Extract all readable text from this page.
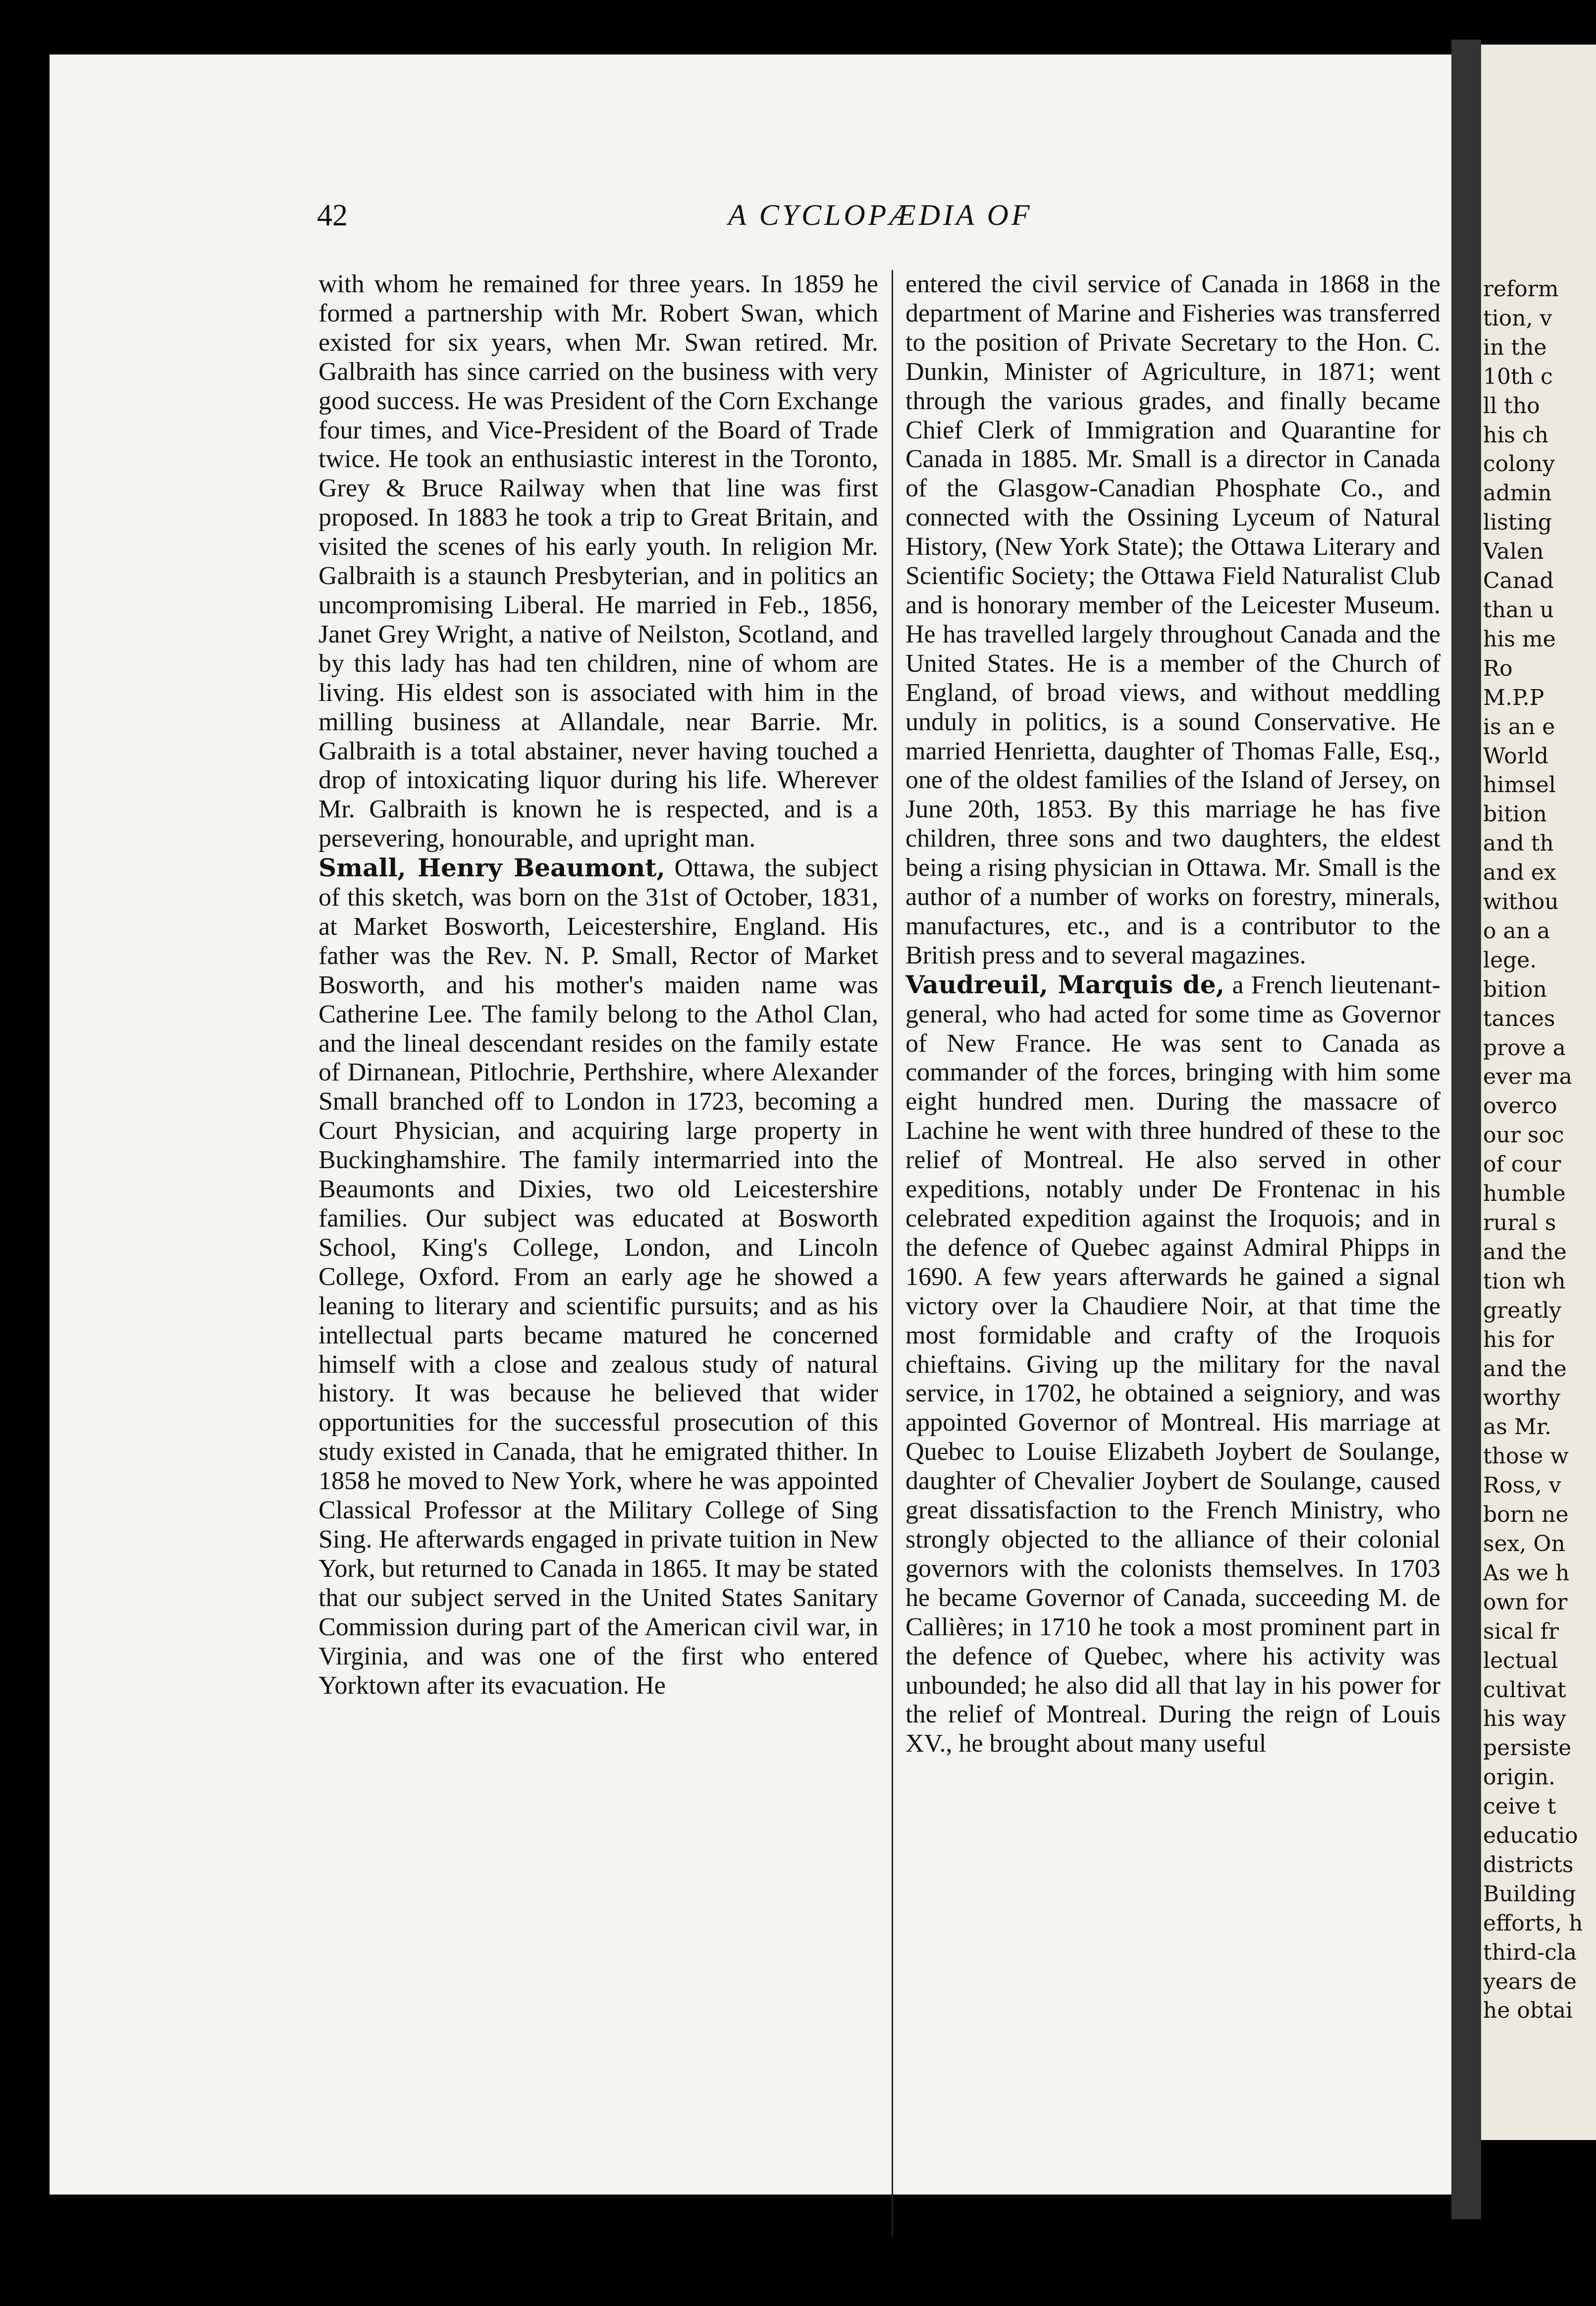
reform

tion, v

in the

10th c

ll tho

his ch

colony

admin

listing

Valen

Canad

than u

his me

Ro

M.P.P

is an e

World

himsel

bition

and th

and ex

withou

o an a

lege.

bition

tances

prove a

ever ma

overco

our soc

of cour

humble

rural s

and the

tion wh

greatly

his for

and the

worthy

as Mr.

those w

Ross, v

born ne

sex, On

As we h

own for

sical fr

lectual

cultivat

his way

persiste

origin.

ceive t

educatio

districts

Building

efforts, h

third-cla

years de

he obtai

42	A CYCLOPÆDIA OF

with whom he remained for three years. In 1859 he formed a partnership with Mr. Robert Swan, which existed for six years, when Mr. Swan retired. Mr. Galbraith has since carried on the business with very good success. He was President of the Corn Exchange four times, and Vice-President of the Board of Trade twice. He took an enthusiastic interest in the Toronto, Grey & Bruce Railway when that line was first proposed. In 1883 he took a trip to Great Britain, and visited the scenes of his early youth. In religion Mr. Galbraith is a staunch Presbyterian, and in politics an uncompromising Liberal. He married in Feb., 1856, Janet Grey Wright, a native of Neilston, Scotland, and by this lady has had ten children, nine of whom are living. His eldest son is associated with him in the milling business at Allandale, near Barrie. Mr. Galbraith is a total abstainer, never having touched a drop of intoxicating liquor during his life. Wherever Mr. Galbraith is known he is respected, and is a persevering, honourable, and upright man.

Small, Henry Beaumont, Ottawa, the subject of this sketch, was born on the 31st of October, 1831, at Market Bosworth, Leicestershire, England. His father was the Rev. N. P. Small, Rector of Market Bosworth, and his mother's maiden name was Catherine Lee. The family belong to the Athol Clan, and the lineal descendant resides on the family estate of Dirnanean, Pitlochrie, Perthshire, where Alexander Small branched off to London in 1723, becoming a Court Physician, and acquiring large property in Buckinghamshire. The family intermarried into the Beaumonts and Dixies, two old Leicestershire families. Our subject was educated at Bosworth School, King's College, London, and Lincoln College, Oxford. From an early age he showed a leaning to literary and scientific pursuits; and as his intellectual parts became matured he concerned himself with a close and zealous study of natural history. It was because he believed that wider opportunities for the successful prosecution of this study existed in Canada, that he emigrated thither. In 1858 he moved to New York, where he was appointed Classical Professor at the Military College of Sing Sing. He afterwards engaged in private tuition in New York, but returned to Canada in 1865. It may be stated that our subject served in the United States Sanitary Commission during part of the American civil war, in Virginia, and was one of the first who entered Yorktown after its evacuation. He

entered the civil service of Canada in 1868 in the department of Marine and Fisheries was transferred to the position of Private Secretary to the Hon. C. Dunkin, Minister of Agriculture, in 1871; went through the various grades, and finally became Chief Clerk of Immigration and Quarantine for Canada in 1885. Mr. Small is a director in Canada of the Glasgow-Canadian Phosphate Co., and connected with the Ossining Lyceum of Natural History, (New York State); the Ottawa Literary and Scientific Society; the Ottawa Field Naturalist Club and is honorary member of the Leicester Museum. He has travelled largely throughout Canada and the United States. He is a member of the Church of England, of broad views, and without meddling unduly in politics, is a sound Conservative. He married Henrietta, daughter of Thomas Falle, Esq., one of the oldest families of the Island of Jersey, on June 20th, 1853. By this marriage he has five children, three sons and two daughters, the eldest being a rising physician in Ottawa. Mr. Small is the author of a number of works on forestry, minerals, manufactures, etc., and is a contributor to the British press and to several magazines.

Vaudreuil, Marquis de, a French lieutenant-general, who had acted for some time as Governor of New France. He was sent to Canada as commander of the forces, bringing with him some eight hundred men. During the massacre of Lachine he went with three hundred of these to the relief of Montreal. He also served in other expeditions, notably under De Frontenac in his celebrated expedition against the Iroquois; and in the defence of Quebec against Admiral Phipps in 1690. A few years afterwards he gained a signal victory over la Chaudiere Noir, at that time the most formidable and crafty of the Iroquois chieftains. Giving up the military for the naval service, in 1702, he obtained a seigniory, and was appointed Governor of Montreal. His marriage at Quebec to Louise Elizabeth Joybert de Soulange, daughter of Chevalier Joybert de Soulange, caused great dissatisfaction to the French Ministry, who strongly objected to the alliance of their colonial governors with the colonists themselves. In 1703 he became Governor of Canada, succeeding M. de Callières; in 1710 he took a most prominent part in the defence of Quebec, where his activity was unbounded; he also did all that lay in his power for the relief of Montreal. During the reign of Louis XV., he brought about many useful
